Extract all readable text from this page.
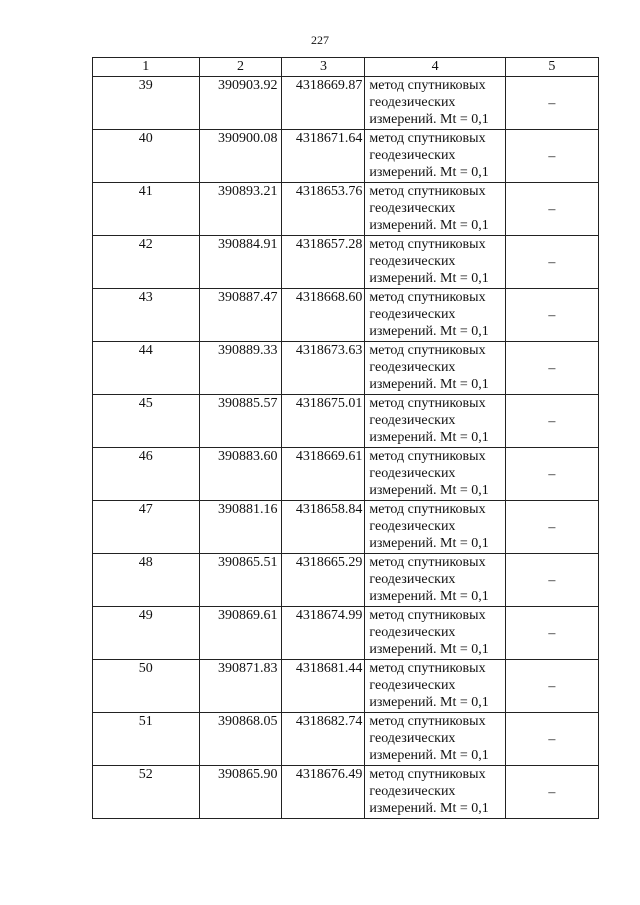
227
1	2	3	4	5
39	390903.92	4318669.87	метод спутниковых
геодезических
измерений. Mt = 0,1	–
40	390900.08	4318671.64	метод спутниковых
геодезических
измерений. Mt = 0,1	–
41	390893.21	4318653.76	метод спутниковых
геодезических
измерений. Mt = 0,1	–
42	390884.91	4318657.28	метод спутниковых
геодезических
измерений. Mt = 0,1	–
43	390887.47	4318668.60	метод спутниковых
геодезических
измерений. Mt = 0,1	–
44	390889.33	4318673.63	метод спутниковых
геодезических
измерений. Mt = 0,1	–
45	390885.57	4318675.01	метод спутниковых
геодезических
измерений. Mt = 0,1	–
46	390883.60	4318669.61	метод спутниковых
геодезических
измерений. Mt = 0,1	–
47	390881.16	4318658.84	метод спутниковых
геодезических
измерений. Mt = 0,1	–
48	390865.51	4318665.29	метод спутниковых
геодезических
измерений. Mt = 0,1	–
49	390869.61	4318674.99	метод спутниковых
геодезических
измерений. Mt = 0,1	–
50	390871.83	4318681.44	метод спутниковых
геодезических
измерений. Mt = 0,1	–
51	390868.05	4318682.74	метод спутниковых
геодезических
измерений. Mt = 0,1	–
52	390865.90	4318676.49	метод спутниковых
геодезических
измерений. Mt = 0,1	–
